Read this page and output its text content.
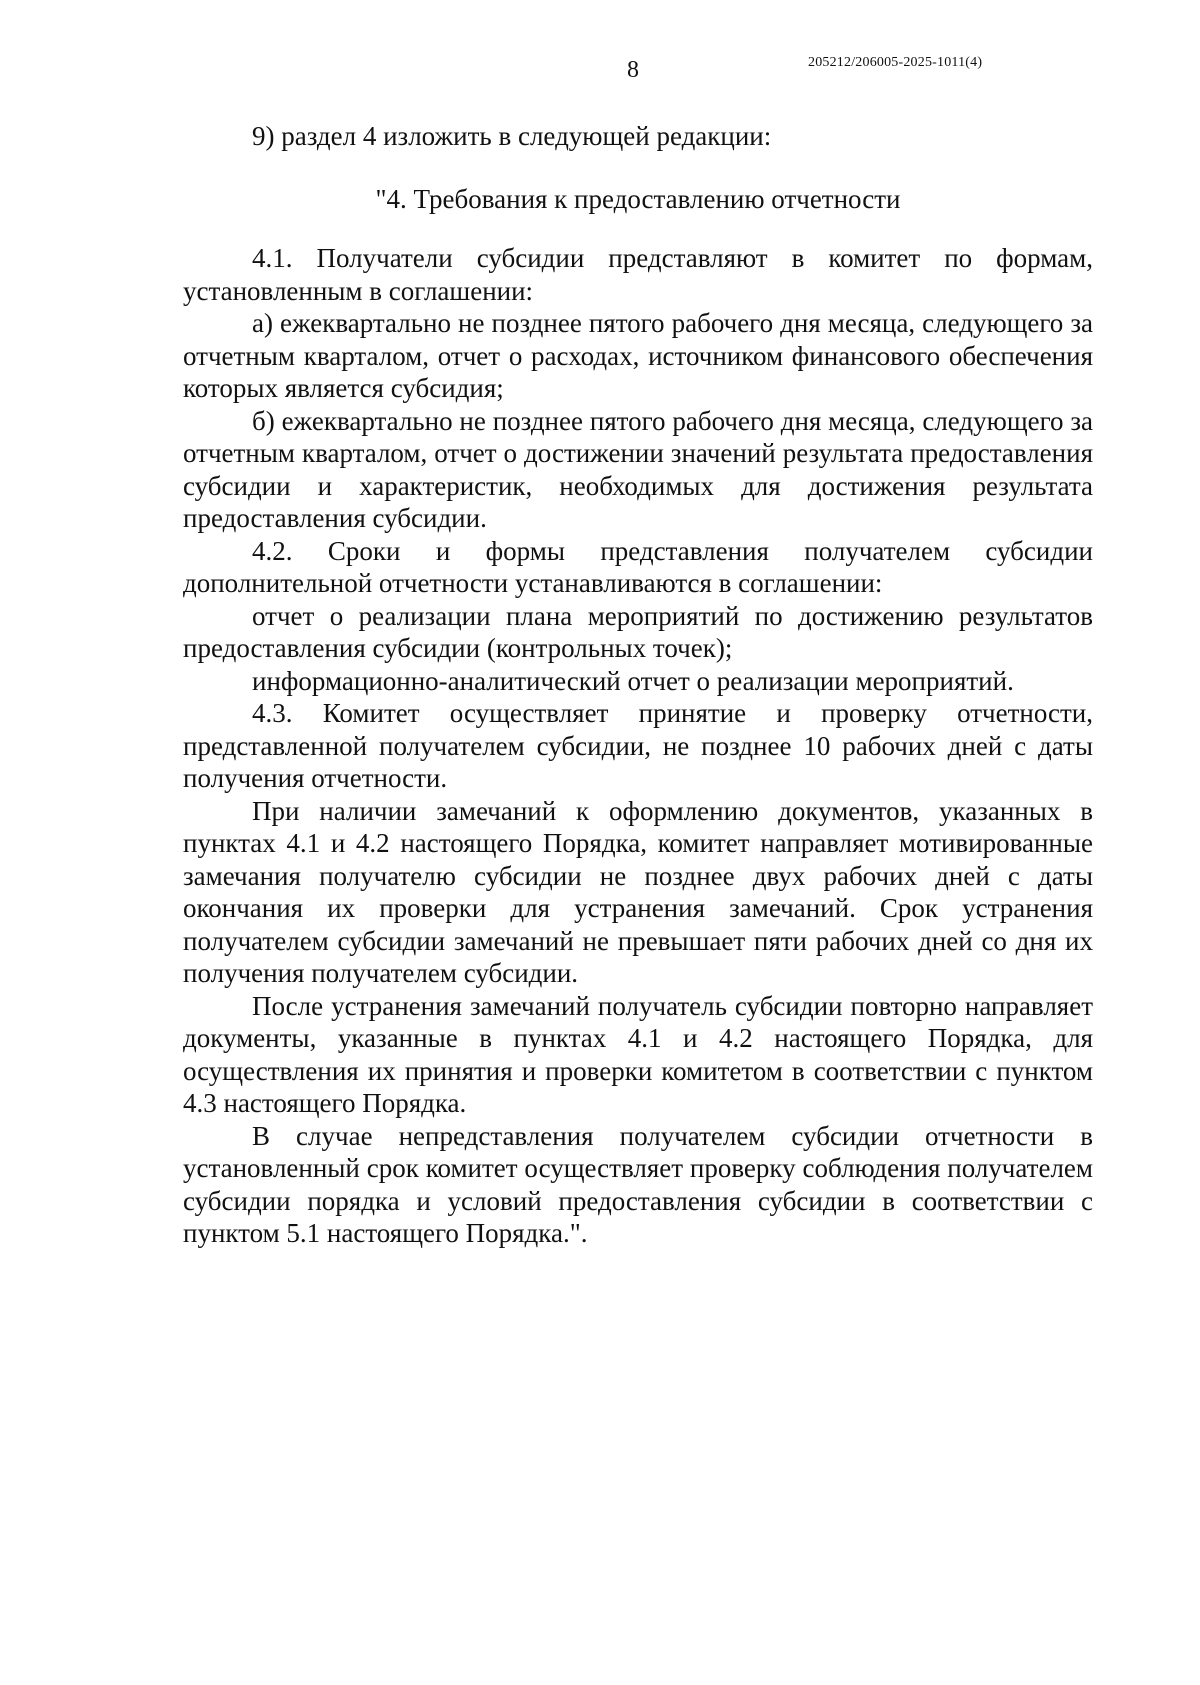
8	205212/206005-2025-1011(4)

9) раздел 4 изложить в следующей редакции:

"4. Требования к предоставлению отчетности

4.1. Получатели субсидии представляют в комитет по формам, установленным в соглашении:

а) ежеквартально не позднее пятого рабочего дня месяца, следующего за отчетным кварталом, отчет о расходах, источником финансового обеспечения которых является субсидия;

б) ежеквартально не позднее пятого рабочего дня месяца, следующего за отчетным кварталом, отчет о достижении значений результата предоставления субсидии и характеристик, необходимых для достижения результата предоставления субсидии.

4.2. Сроки и формы представления получателем субсидии дополнительной отчетности устанавливаются в соглашении:

отчет о реализации плана мероприятий по достижению результатов предоставления субсидии (контрольных точек);

информационно-аналитический отчет о реализации мероприятий.

4.3. Комитет осуществляет принятие и проверку отчетности, представленной получателем субсидии, не позднее 10 рабочих дней с даты получения отчетности.

При наличии замечаний к оформлению документов, указанных в пунктах 4.1 и 4.2 настоящего Порядка, комитет направляет мотивированные замечания получателю субсидии не позднее двух рабочих дней с даты окончания их проверки для устранения замечаний. Срок устранения получателем субсидии замечаний не превышает пяти рабочих дней со дня их получения получателем субсидии.

После устранения замечаний получатель субсидии повторно направляет документы, указанные в пунктах 4.1 и 4.2 настоящего Порядка, для осуществления их принятия и проверки комитетом в соответствии с пунктом 4.3 настоящего Порядка.

В случае непредставления получателем субсидии отчетности в установленный срок комитет осуществляет проверку соблюдения получателем субсидии порядка и условий предоставления субсидии в соответствии с пунктом 5.1 настоящего Порядка.".
